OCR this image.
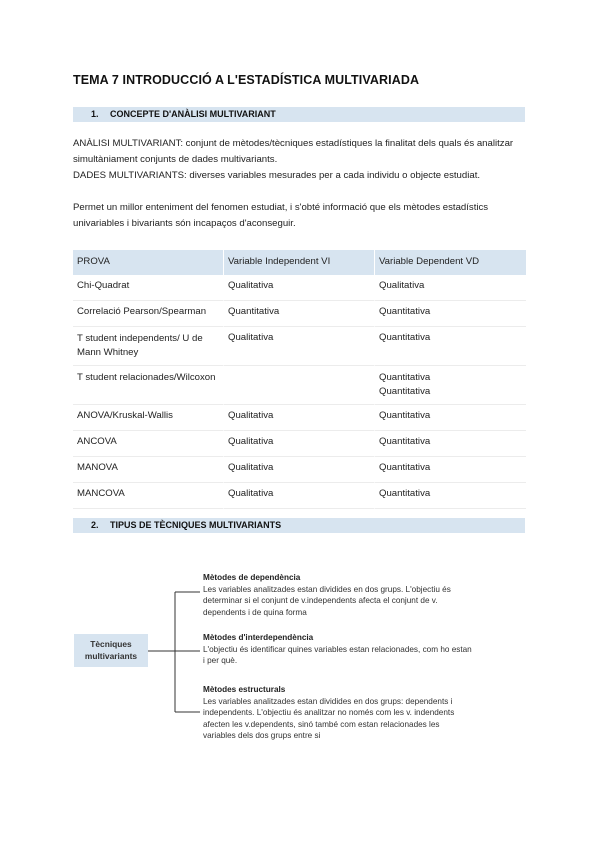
TEMA 7 INTRODUCCIÓ A L'ESTADÍSTICA MULTIVARIADA
1. CONCEPTE D'ANÀLISI MULTIVARIANT

ANÀLISI MULTIVARIANT: conjunt de mètodes/tècniques estadístiques la finalitat dels quals és analitzar simultàniament conjunts de dades multivariants.

DADES MULTIVARIANTS: diverses variables mesurades per a cada individu o objecte estudiat.

Permet un millor enteniment del fenomen estudiat, i s'obté informació que els mètodes estadístics univariables i bivariants són incapaços d'aconseguir.

PROVA	Variable Independent VI	Variable Dependent VD
Chi-Quadrat	Qualitativa	Qualitativa
Correlació Pearson/Spearman	Quantitativa	Quantitativa

T student independents/ U de Mann Whitney	Qualitativa	Quantitativa

T student relacionades/Wilcoxon		Quantitativa
Quantitativa

ANOVA/Kruskal-Wallis	Qualitativa	Quantitativa
ANCOVA	Qualitativa	Quantitativa
MANOVA	Qualitativa	Quantitativa
MANCOVA	Qualitativa	Quantitativa
2. TIPUS DE TÈCNIQUES MULTIVARIANTS
Tècniques multivariants
Mètodes de dependència
Les variables analitzades estan dividides en dos grups. L'objectiu és determinar si el conjunt de v.independents afecta el conjunt de v. dependents i de quina forma
Mètodes d'interdependència
L'objectiu és identificar quines variables estan relacionades, com ho estan i per què.
Mètodes estructurals
Les variables analitzades estan dividides en dos grups: dependents i independents. L'objectiu és analitzar no només com les v. indendents afecten les v.dependents, sinó també com estan relacionades les variables dels dos grups entre si
